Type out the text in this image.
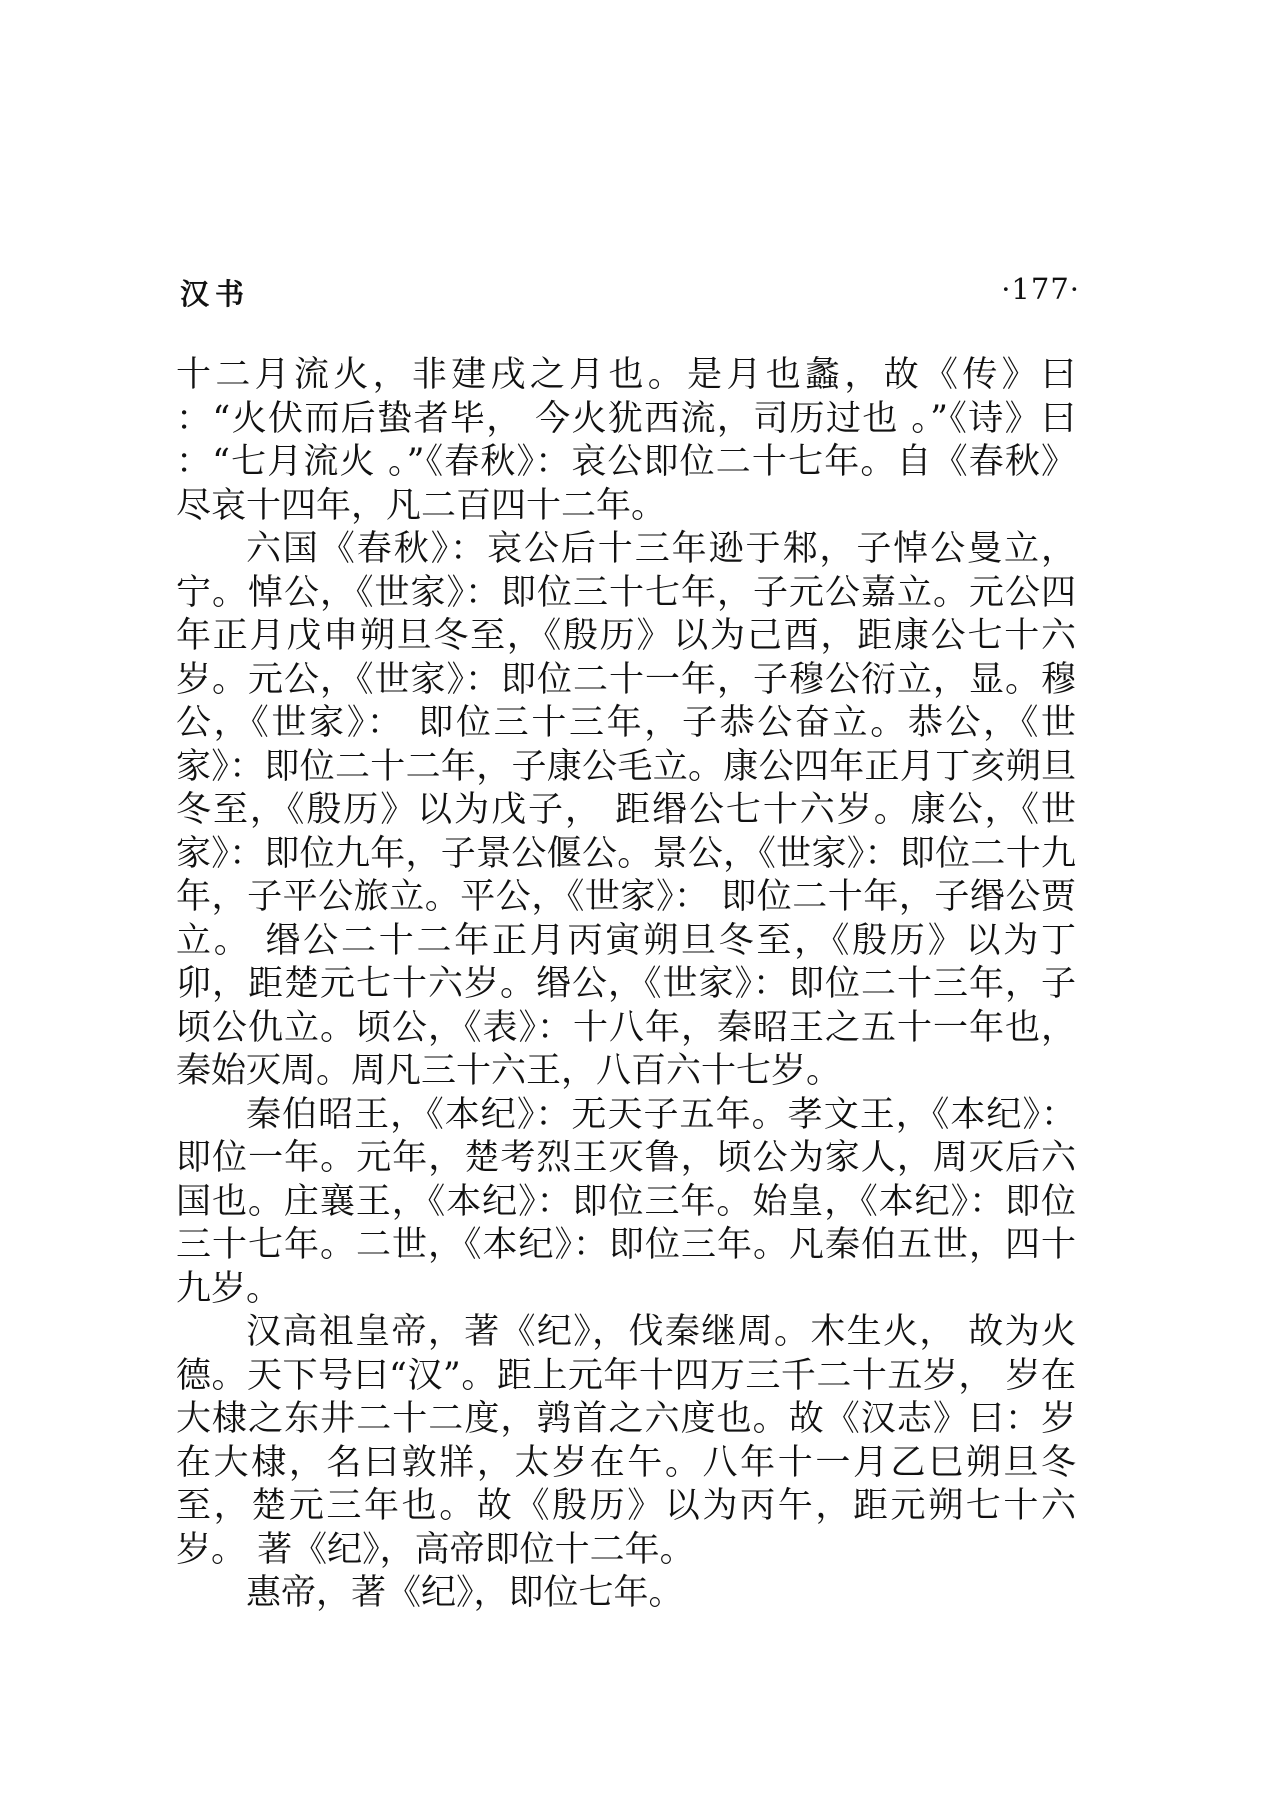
汉书	·177·

十二月流火，非建戌之月也。是月也蠡，故《传》曰 ：“火伏而后蛰者毕， 今火犹西流，司历过也 。”《诗》曰 ：“七月流火 。”《春秋》：哀公即位二十七年。自《春秋》尽哀十四年，凡二百四十二年。

六国《春秋》：哀公后十三年逊于邾，子悼公曼立， 宁。悼公，《世家》：即位三十七年，子元公嘉立。元公四年正月戊申朔旦冬至，《殷历》以为己酉，距康公七十六岁。元公，《世家》：即位二十一年，子穆公衍立，显。穆公，《世家》： 即位三十三年，子恭公奋立。恭公，《世家》：即位二十二年，子康公毛立。康公四年正月丁亥朔旦冬至，《殷历》以为戊子， 距缗公七十六岁。康公，《世家》：即位九年，子景公偃公。景公，《世家》：即位二十九年，子平公旅立。平公，《世家》： 即位二十年，子缗公贾立。 缗公二十二年正月丙寅朔旦冬至，《殷历》以为丁卯，距楚元七十六岁。缗公，《世家》：即位二十三年，子顷公仇立。顷公，《表》：十八年，秦昭王之五十一年也，秦始灭周。周凡三十六王，八百六十七岁。

秦伯昭王，《本纪》：无天子五年。孝文王，《本纪》：即位一年。元年，楚考烈王灭鲁，顷公为家人，周灭后六国也。庄襄王，《本纪》：即位三年。始皇，《本纪》：即位三十七年。二世，《本纪》：即位三年。凡秦伯五世，四十九岁。

汉高祖皇帝，著《纪》，伐秦继周。木生火， 故为火德。天下号曰“汉”。距上元年十四万三千二十五岁， 岁在大棣之东井二十二度，鹑首之六度也。故《汉志》曰：岁在大棣，名曰敦牂，太岁在午。八年十一月乙巳朔旦冬至，楚元三年也。故《殷历》以为丙午，距元朔七十六岁。 著《纪》，高帝即位十二年。

惠帝，著《纪》，即位七年。
